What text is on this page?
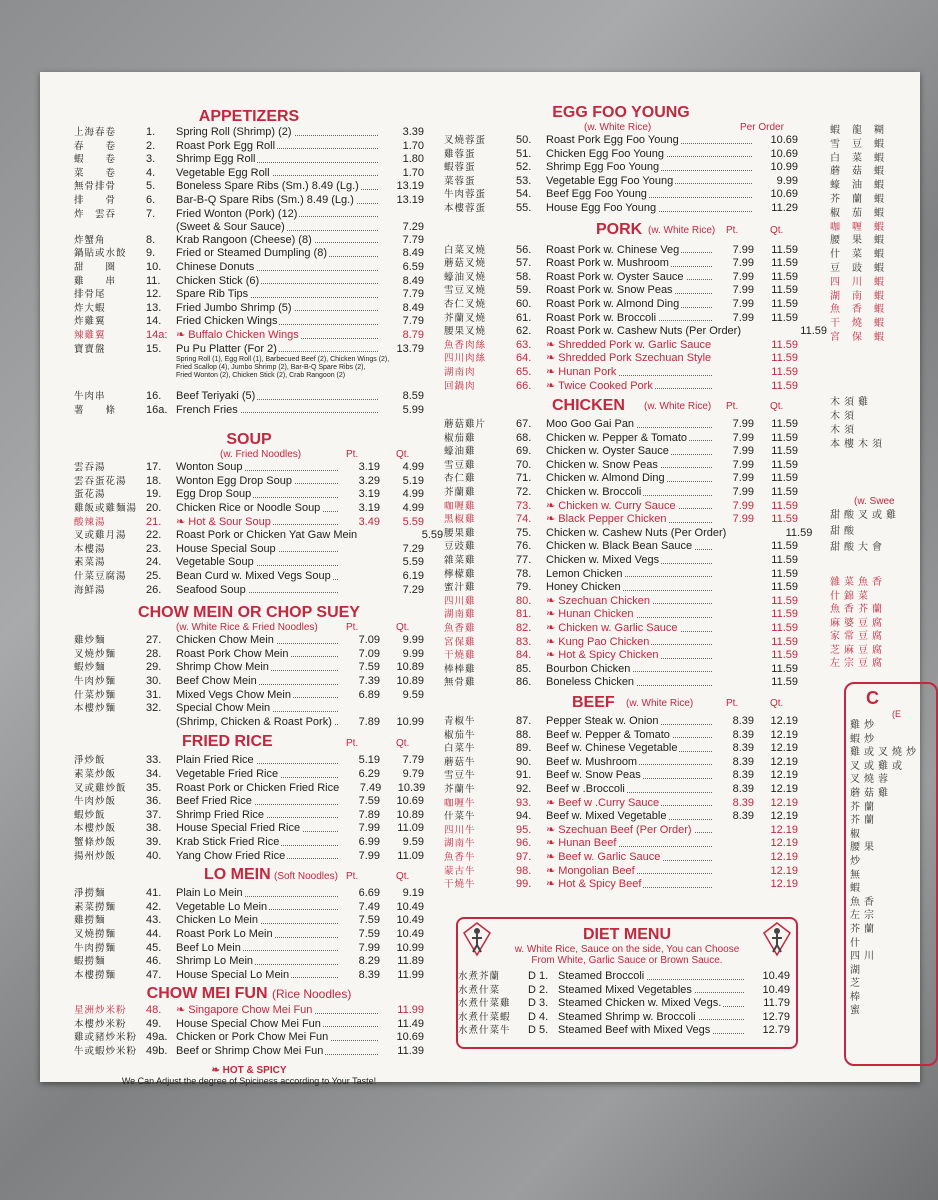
APPETIZERS
上海春卷	1.	Spring Roll (Shrimp) (2)	3.39
春　　卷	2.	Roast Pork Egg Roll	1.70
蝦　　卷	3.	Shrimp Egg Roll	1.80
菜　　卷	4.	Vegetable Egg Roll	1.70
無骨排骨	5.	Boneless Spare Ribs (Sm.) 8.49 (Lg.)	13.19
排　　骨	6.	Bar-B-Q Spare Ribs (Sm.) 8.49 (Lg.)	13.19
炸　雲吞	7.	Fried Wonton (Pork) (12)
(Sweet & Sour Sauce)	7.29
炸蟹角	8.	Krab Rangoon (Cheese) (8)	7.79
鍋貼或水餃	9.	Fried or Steamed Dumpling (8)	8.49
甜　　圈	10.	Chinese Donuts	6.59
雞　　串	11.	Chicken Stick (6)	8.49
排骨尾	12.	Spare Rib Tips	7.79
炸大蝦	13.	Fried Jumbo Shrimp (5)	8.49
炸雞翼	14.	Fried Chicken Wings	7.79
辣雞翼	14a: ❧ Buffalo Chicken Wings	8.79
寶寶盤	15.	Pu Pu Platter (For 2)	13.79
Spring Roll (1), Egg Roll (1), Barbecued Beef (2), Chicken Wings (2),
Fried Scallop (4), Jumbo Shrimp (2), Bar-B-Q Spare Ribs (2),
Fried Wonton (2), Chicken Stick (2), Crab Rangoon (2)
牛肉串	16.	Beef Teriyaki (5)	8.59
薯　　條	16a. French Fries	5.99
SOUP
(w. Fried Noodles)	Pt.	Qt.
雲吞湯	17.	Wonton Soup	3.19	4.99
雲吞蛋花湯	18.	Wonton Egg Drop Soup	3.29	5.19
蛋花湯	19.	Egg Drop Soup	3.19	4.99
雞飯或雞麵湯 20.	Chicken Rice or Noodle Soup	3.19	4.99
酸辣湯	21.	❧ Hot & Sour Soup	3.49	5.59
叉或雞月湯	22.	Roast Pork or Chicken Yat Gaw Mein	5.59
本樓湯	23.	House Special Soup	7.29
素菜湯	24.	Vegetable Soup	5.59
什菜豆腐湯	25.	Bean Curd w. Mixed Vegs Soup	6.19
海鮮湯	26.	Seafood Soup	7.29
CHOW MEIN OR CHOP SUEY
(w. White Rice & Fried Noodles)	Pt.	Qt.
雞炒麵	27.	Chicken Chow Mein	7.09	9.99
叉燒炒麵	28.	Roast Pork Chow Mein	7.09	9.99
蝦炒麵	29.	Shrimp Chow Mein	7.59	10.89
牛肉炒麵	30.	Beef Chow Mein	7.39	10.89
什菜炒麵	31.	Mixed Vegs Chow Mein	6.89	9.59
本樓炒麵	32.	Special Chow Mein
(Shrimp, Chicken & Roast Pork)	7.89	10.99
FRIED RICE	Pt.	Qt.
淨炒飯	33.	Plain Fried Rice	5.19	7.79
素菜炒飯	34.	Vegetable Fried Rice	6.29	9.79
叉或雞炒飯	35.	Roast Pork or Chicken Fried Rice	7.49	10.39
牛肉炒飯	36.	Beef Fried Rice	7.59	10.69
蝦炒飯	37.	Shrimp Fried Rice	7.89	10.89
本樓炒飯	38.	House Special Fried Rice	7.99	11.09
蟹條炒飯	39.	Krab Stick Fried Rice	6.99	9.59
揚州炒飯	40.	Yang Chow Fried Rice	7.99	11.09
LO MEIN (Soft Noodles) Pt.	Qt.
淨撈麵	41.	Plain Lo Mein	6.69	9.19
素菜撈麵	42.	Vegetable Lo Mein	7.49	10.49
雞撈麵	43.	Chicken Lo Mein	7.59	10.49
叉燒撈麵	44.	Roast Pork Lo Mein	7.59	10.49
牛肉撈麵	45.	Beef Lo Mein	7.99	10.99
蝦撈麵	46.	Shrimp Lo Mein	8.29	11.89
本樓撈麵	47.	House Special Lo Mein	8.39	11.99
CHOW MEI FUN (Rice Noodles)
星洲炒米粉	48.	❧ Singapore Chow Mei Fun	11.99
本樓炒米粉	49.	House Special Chow Mei Fun	11.49
雞或豬炒米粉 49a. Chicken or Pork Chow Mei Fun	10.69
牛或蝦炒米粉 49b. Beef or Shrimp Chow Mei Fun	11.39
❧ HOT & SPICY
We Can Adjust the degree of Spiciness according to Your Taste!
EGG FOO YOUNG
(w. White Rice)	Per Order
叉燒蓉蛋	50.	Roast Pork Egg Foo Young	10.69
雞蓉蛋	51.	Chicken Egg Foo Young	10.69
蝦蓉蛋	52.	Shrimp Egg Foo Young	10.99
菜蓉蛋	53.	Vegetable Egg Foo Young	9.99
牛肉蓉蛋	54.	Beef Egg Foo Young	10.69
本樓蓉蛋	55.	House Egg Foo Young	11.29
PORK (w. White Rice) Pt.	Qt.
白菜叉燒	56.	Roast Pork w. Chinese Veg	7.99	11.59
蘑菇叉燒	57.	Roast Pork w. Mushroom	7.99	11.59
蠔油叉燒	58.	Roast Pork w. Oyster Sauce	7.99	11.59
雪豆叉燒	59.	Roast Pork w. Snow Peas	7.99	11.59
杏仁叉燒	60.	Roast Pork w. Almond Ding	7.99	11.59
芥蘭叉燒	61.	Roast Pork w. Broccoli	7.99	11.59
腰果叉燒	62.	Roast Pork w. Cashew Nuts (Per Order)	11.59
魚香肉絲	63.	❧ Shredded Pork w. Garlic Sauce	11.59
四川肉絲	64.	❧ Shredded Pork Szechuan Style	11.59
湖南肉	65.	❧ Hunan Pork	11.59
回鍋肉	66.	❧ Twice Cooked Pork	11.59
CHICKEN (w. White Rice) Pt.	Qt.
蘑菇雞片	67.	Moo Goo Gai Pan	7.99	11.59
椒茄雞	68.	Chicken w. Pepper & Tomato	7.99	11.59
蠔油雞	69.	Chicken w. Oyster Sauce	7.99	11.59
雪豆雞	70.	Chicken w. Snow Peas	7.99	11.59
杏仁雞	71.	Chicken w. Almond Ding	7.99	11.59
芥蘭雞	72.	Chicken w. Broccoli	7.99	11.59
咖喱雞	73.	❧ Chicken w. Curry Sauce	7.99	11.59
黑椒雞	74.	❧ Black Pepper Chicken	7.99	11.59
腰果雞	75.	Chicken w. Cashew Nuts (Per Order)	11.59
豆豉雞	76.	Chicken w. Black Bean Sauce	11.59
雜菜雞	77.	Chicken w. Mixed Vegs	11.59
檸檬雞	78.	Lemon Chicken	11.59
蜜汁雞	79.	Honey Chicken	11.59
四川雞	80.	❧ Szechuan Chicken	11.59
湖南雞	81.	❧ Hunan Chicken	11.59
魚香雞	82.	❧ Chicken w. Garlic Sauce	11.59
宮保雞	83.	❧ Kung Pao Chicken	11.59
干燒雞	84.	❧ Hot & Spicy Chicken	11.59
棒棒雞	85.	Bourbon Chicken	11.59
無骨雞	86.	Boneless Chicken	11.59
BEEF (w. White Rice)	Pt.	Qt.
青椒牛	87.	Pepper Steak w. Onion	8.39	12.19
椒茄牛	88.	Beef w. Pepper & Tomato	8.39	12.19
白菜牛	89.	Beef w. Chinese Vegetable	8.39	12.19
蘑菇牛	90.	Beef w. Mushroom	8.39	12.19
雪豆牛	91.	Beef w. Snow Peas	8.39	12.19
芥蘭牛	92.	Beef w .Broccoli	8.39	12.19
咖喱牛	93.	❧ Beef w .Curry Sauce	8.39	12.19
什菜牛	94.	Beef w. Mixed Vegetable	8.39	12.19
四川牛	95.	❧ Szechuan Beef (Per Order)	12.19
湖南牛	96.	❧ Hunan Beef	12.19
魚香牛	97.	❧ Beef w. Garlic Sauce	12.19
蒙古牛	98.	❧ Mongolian Beef	12.19
干燒牛	99.	❧ Hot & Spicy Beef	12.19
DIET MENU
w. White Rice, Sauce on the side, You can Choose From White, Garlic Sauce or Brown Sauce.
水煮芥蘭	D 1. Steamed Broccoli	10.49
水煮什菜	D 2. Steamed Mixed Vegetables	10.49
水煮什菜雞	D 3. Steamed Chicken w. Mixed Vegs.	11.79
水煮什菜蝦	D 4. Steamed Shrimp w. Broccoli	12.79
水煮什菜牛	D 5. Steamed Beef with Mixed Vegs	12.79
蝦 龍 糊
雪 豆 蝦
白 菜 蝦
蘑 菇 蝦
蠔 油 蝦
芥 蘭 蝦
椒 茄 蝦
咖 喱 蝦
腰 果 蝦
什 菜 蝦
豆 豉 蝦
四 川 蝦
湖 南 蝦
魚 香 蝦
干 燒 蝦
宮 保 蝦
木須雞
木須
木須
本樓木須
(w. Swee
甜酸叉或雞
甜酸
甜酸大會
雜菜魚香
什錦菜
魚香芥蘭
麻婆豆腐
家常豆腐
芝麻豆腐
左宗豆腐
C
(E
雞炒
蝦炒
雞或叉燒炒
叉或雞或
叉燒蓉
蘑菇雞
芥蘭
芥蘭
椒
腰果
炒
無
蝦
魚香
左宗
芥蘭
什
四川
湖
芝
棒
蜜
